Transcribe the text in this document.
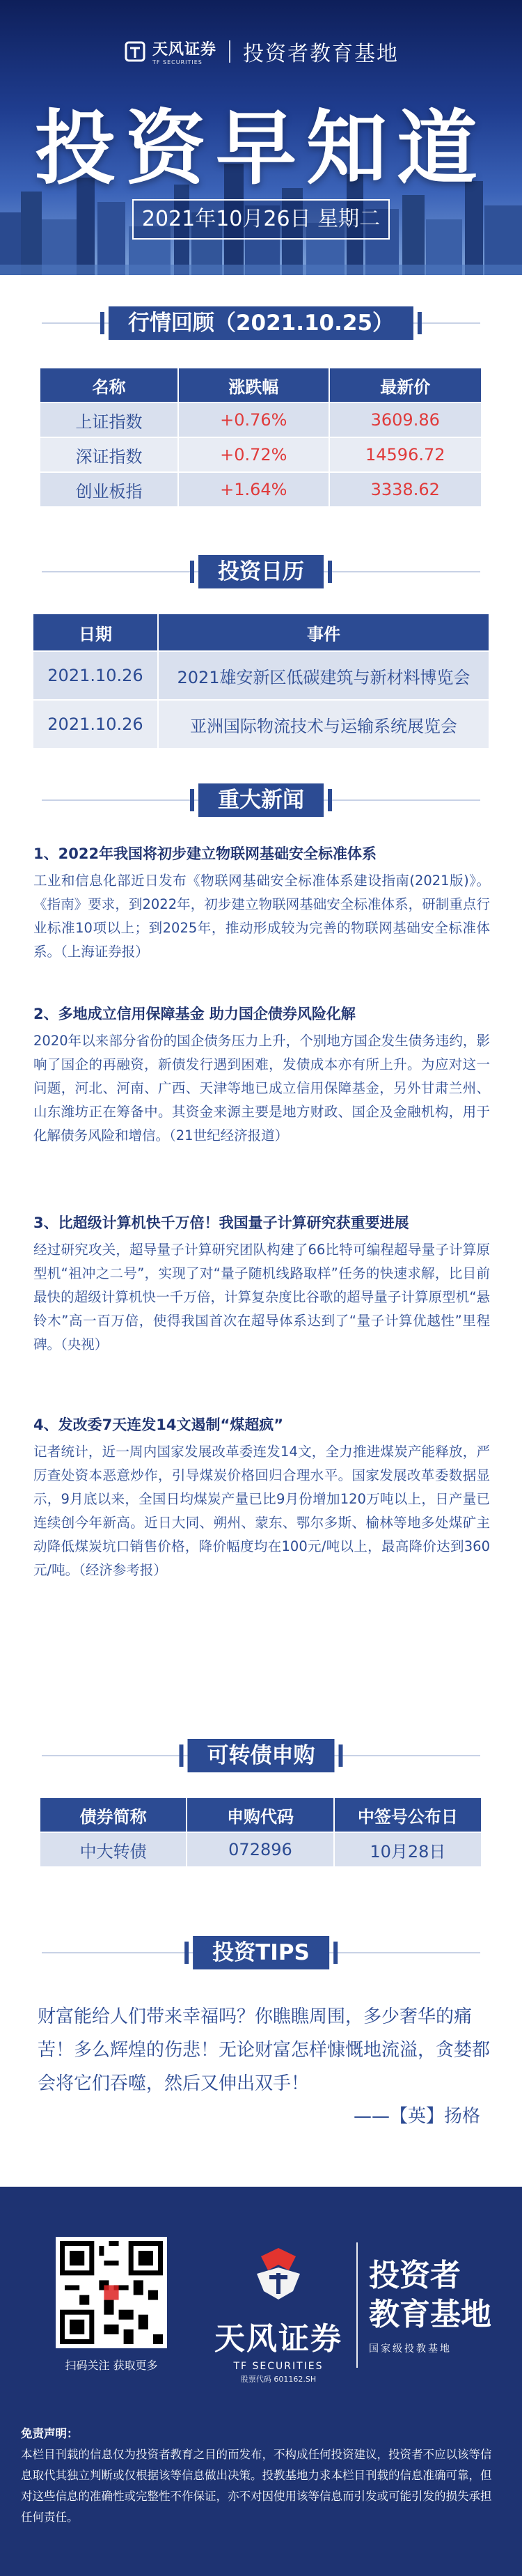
天风证券
TF SECURITIES	投资者教育基地
投资早知道
2021年10月26日 星期二
行情回顾（2021.10.25）
名称	涨跌幅	最新价
上证指数	+0.76%	3609.86
深证指数	+0.72%	14596.72
创业板指	+1.64%	3338.62
投资日历
日期	事件
2021.10.26	2021雄安新区低碳建筑与新材料博览会
2021.10.26	亚洲国际物流技术与运输系统展览会
重大新闻
1、2022年我国将初步建立物联网基础安全标准体系

工业和信息化部近日发布《物联网基础安全标准体系建设指南(2021版)》。《指南》要求，到2022年，初步建立物联网基础安全标准体系，研制重点行业标准10项以上；到2025年，推动形成较为完善的物联网基础安全标准体系。（上海证券报）

2、多地成立信用保障基金 助力国企债券风险化解

2020年以来部分省份的国企债务压力上升，个别地方国企发生债务违约，影响了国企的再融资，新债发行遇到困难，发债成本亦有所上升。为应对这一问题，河北、河南、广西、天津等地已成立信用保障基金，另外甘肃兰州、山东潍坊正在筹备中。其资金来源主要是地方财政、国企及金融机构，用于化解债务风险和增信。（21世纪经济报道）

3、比超级计算机快千万倍！我国量子计算研究获重要进展

经过研究攻关，超导量子计算研究团队构建了66比特可编程超导量子计算原型机“祖冲之二号”，实现了对“量子随机线路取样”任务的快速求解，比目前最快的超级计算机快一千万倍，计算复杂度比谷歌的超导量子计算原型机“悬铃木”高一百万倍，使得我国首次在超导体系达到了“量子计算优越性”里程碑。（央视）

4、发改委7天连发14文遏制“煤超疯”

记者统计，近一周内国家发展改革委连发14文，全力推进煤炭产能释放，严厉查处资本恶意炒作，引导煤炭价格回归合理水平。国家发展改革委数据显示，9月底以来，全国日均煤炭产量已比9月份增加120万吨以上，日产量已连续创今年新高。近日大同、朔州、蒙东、鄂尔多斯、榆林等地多处煤矿主动降低煤炭坑口销售价格，降价幅度均在100元/吨以上，最高降价达到360元/吨。（经济参考报）

可转债申购
债券简称	申购代码	中签号公布日
中大转债	072896	10月28日
投资TIPS
财富能给人们带来幸福吗？你瞧瞧周围，多少奢华的痛苦！多么辉煌的伤悲！无论财富怎样慷慨地流溢，贪婪都会将它们吞噬，然后又伸出双手！
——【英】扬格
扫码关注 获取更多
天风证券
TF SECURITIES
股票代码 601162.SH
投资者
教育基地
国家级投教基地
免责声明：
本栏目刊载的信息仅为投资者教育之目的而发布，不构成任何投资建议，投资者不应以该等信息取代其独立判断或仅根据该等信息做出决策。投教基地力求本栏目刊载的信息准确可靠，但对这些信息的准确性或完整性不作保证，亦不对因使用该等信息而引发或可能引发的损失承担任何责任。
